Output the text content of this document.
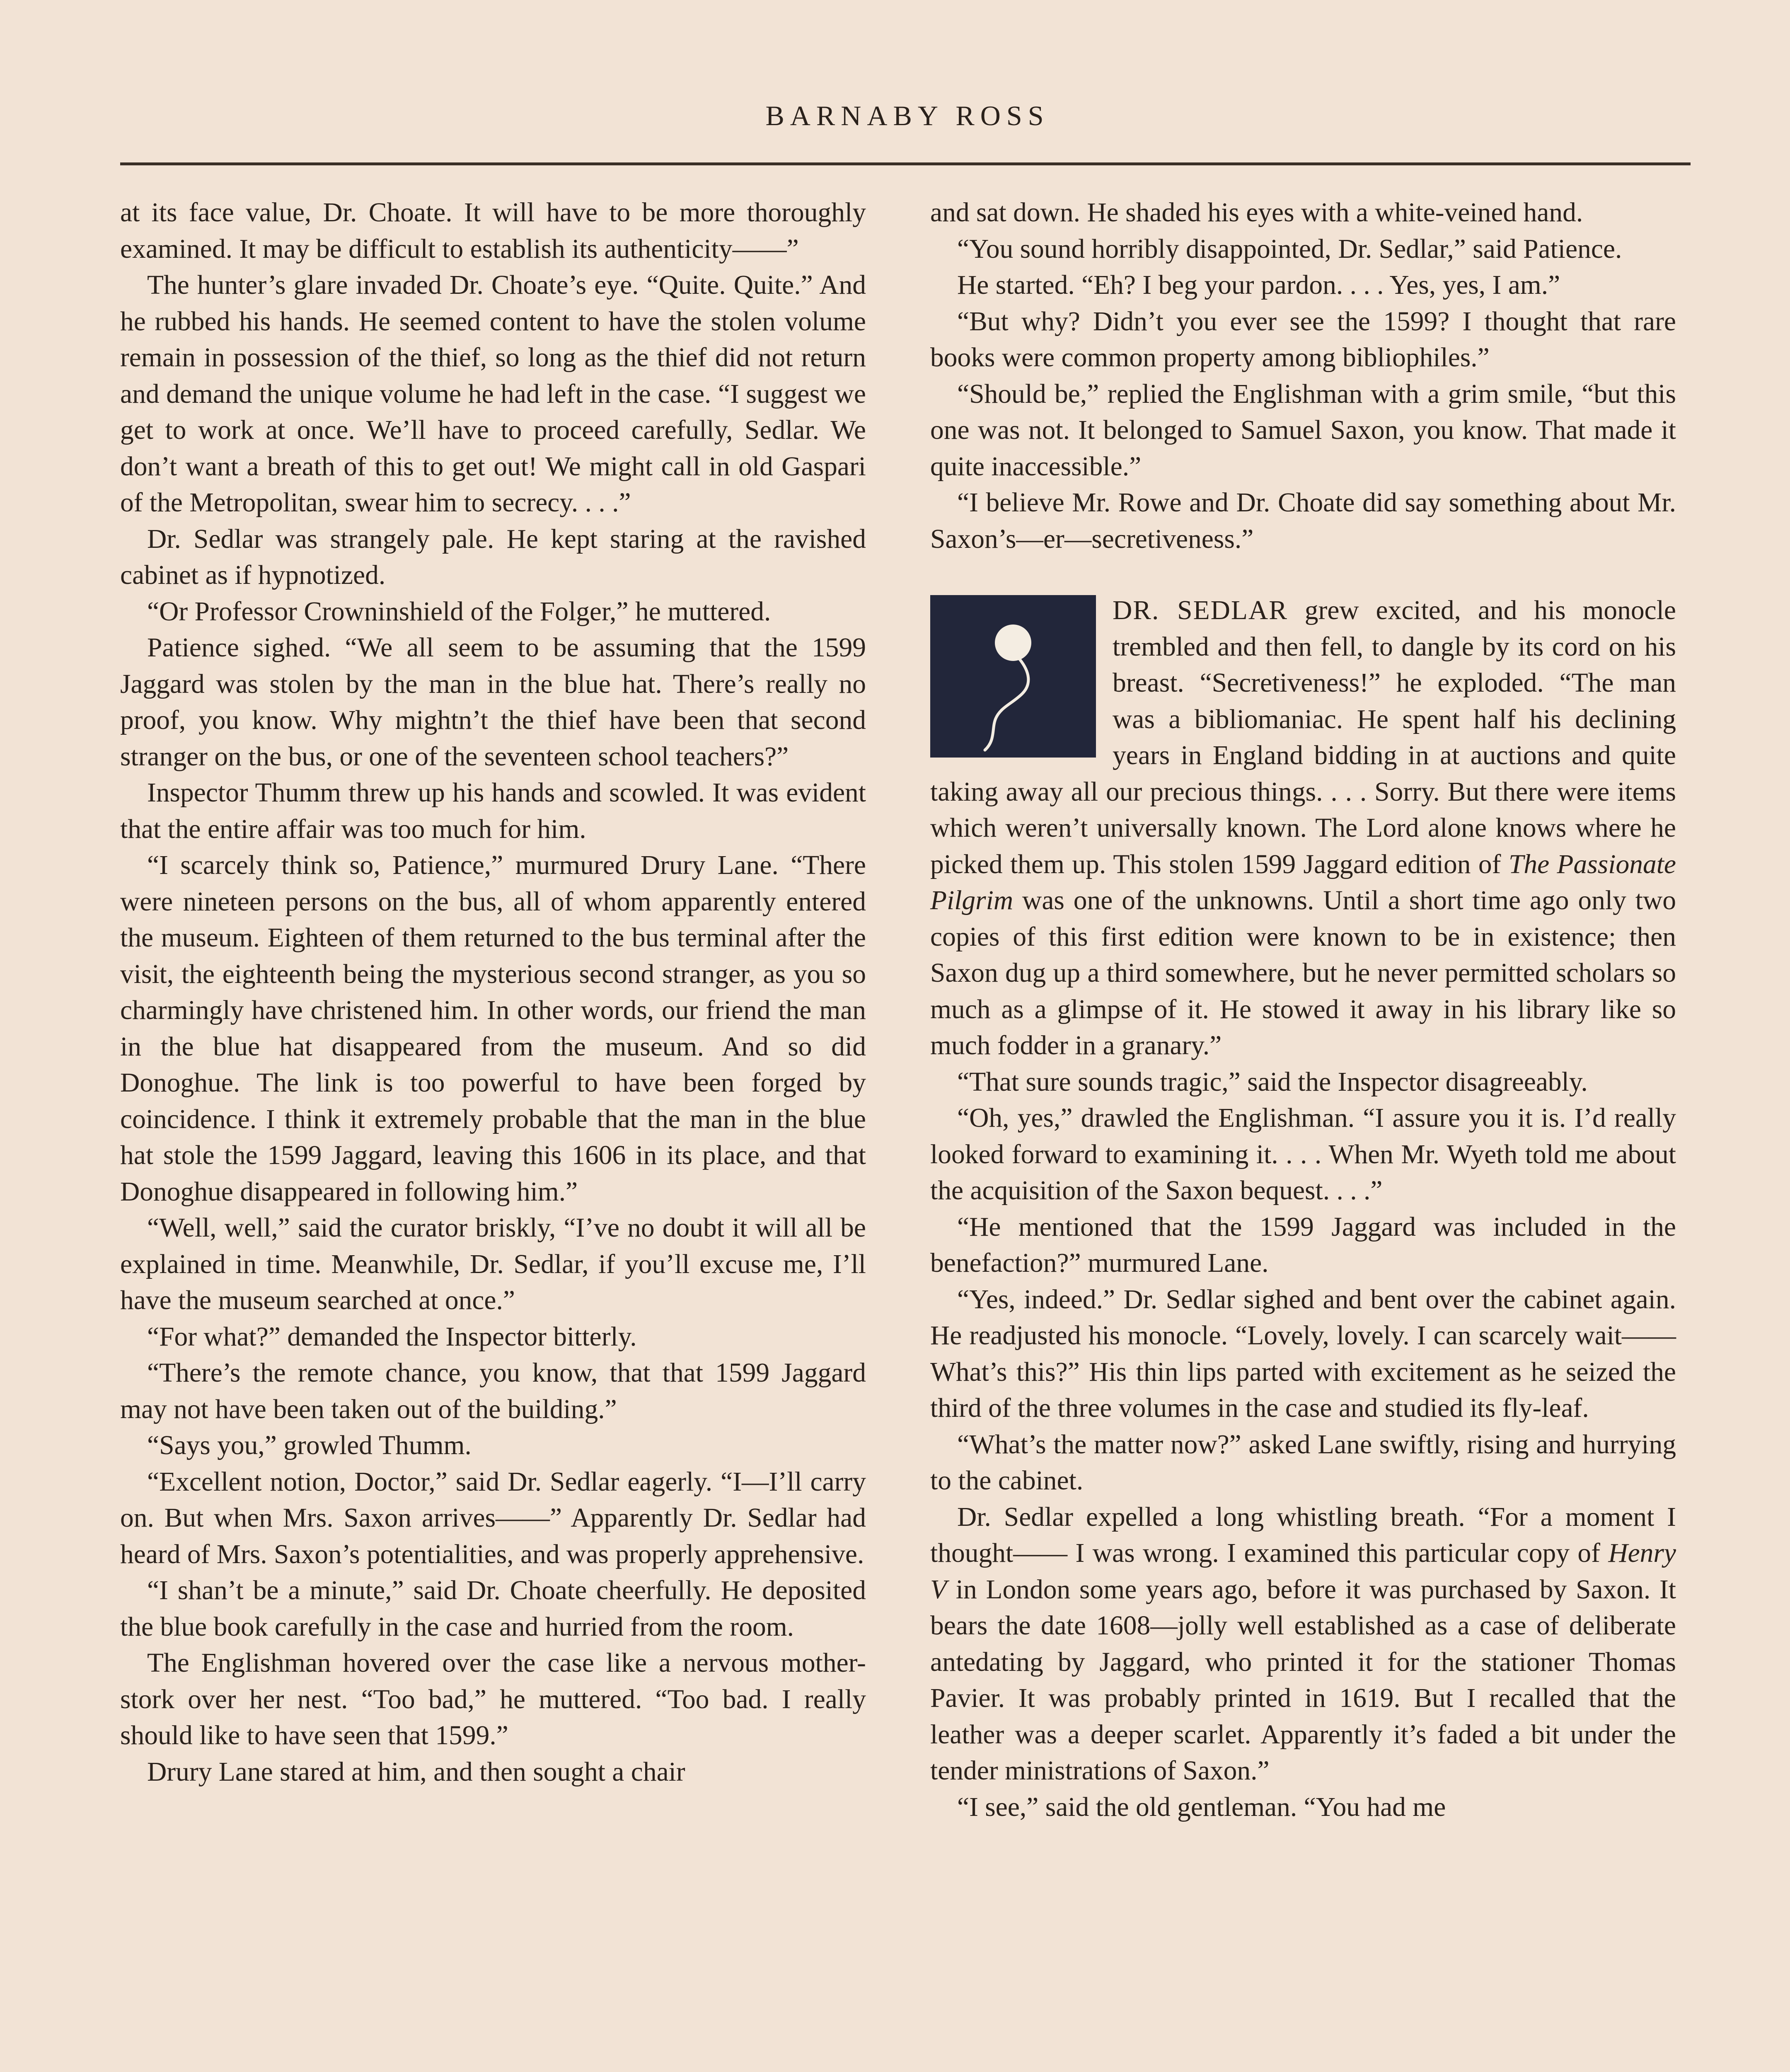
BARNABY ROSS

at its face value, Dr. Choate. It will have to be more thoroughly examined. It may be difficult to establish its authenticity——”

The hunter’s glare invaded Dr. Choate’s eye. “Quite. Quite.” And he rubbed his hands. He seemed content to have the stolen volume remain in possession of the thief, so long as the thief did not return and demand the unique volume he had left in the case. “I suggest we get to work at once. We’ll have to proceed carefully, Sedlar. We don’t want a breath of this to get out! We might call in old Gaspari of the Metropolitan, swear him to secrecy. . . .”

Dr. Sedlar was strangely pale. He kept staring at the ravished cabinet as if hypnotized.

“Or Professor Crowninshield of the Folger,” he muttered.

Patience sighed. “We all seem to be assuming that the 1599 Jaggard was stolen by the man in the blue hat. There’s really no proof, you know. Why mightn’t the thief have been that second stranger on the bus, or one of the seventeen school teachers?”

Inspector Thumm threw up his hands and scowled. It was evident that the entire affair was too much for him.

“I scarcely think so, Patience,” murmured Drury Lane. “There were nineteen persons on the bus, all of whom apparently entered the museum. Eighteen of them returned to the bus terminal after the visit, the eighteenth being the mysterious second stranger, as you so charmingly have christened him. In other words, our friend the man in the blue hat disappeared from the museum. And so did Donoghue. The link is too powerful to have been forged by coincidence. I think it extremely probable that the man in the blue hat stole the 1599 Jaggard, leaving this 1606 in its place, and that Donoghue disappeared in following him.”

“Well, well,” said the curator briskly, “I’ve no doubt it will all be explained in time. Meanwhile, Dr. Sedlar, if you’ll excuse me, I’ll have the museum searched at once.”

“For what?” demanded the Inspector bitterly.

“There’s the remote chance, you know, that that 1599 Jaggard may not have been taken out of the building.”

“Says you,” growled Thumm.

“Excellent notion, Doctor,” said Dr. Sedlar eagerly. “I—I’ll carry on. But when Mrs. Saxon arrives——” Apparently Dr. Sedlar had heard of Mrs. Saxon’s potentialities, and was properly apprehensive.

“I shan’t be a minute,” said Dr. Choate cheerfully. He deposited the blue book carefully in the case and hurried from the room.

The Englishman hovered over the case like a nervous mother-stork over her nest. “Too bad,” he muttered. “Too bad. I really should like to have seen that 1599.”

Drury Lane stared at him, and then sought a chair

and sat down. He shaded his eyes with a white-veined hand.

“You sound horribly disappointed, Dr. Sedlar,” said Patience.

He started. “Eh? I beg your pardon. . . . Yes, yes, I am.”

“But why? Didn’t you ever see the 1599? I thought that rare books were common property among bibliophiles.”

“Should be,” replied the Englishman with a grim smile, “but this one was not. It belonged to Samuel Saxon, you know. That made it quite inaccessible.”

“I believe Mr. Rowe and Dr. Choate did say something about Mr. Saxon’s—er—secretiveness.”

DR. SEDLAR grew excited, and his monocle trembled and then fell, to dangle by its cord on his breast. “Secretiveness!” he exploded. “The man was a bibliomaniac. He spent half his declining years in England bidding in at auctions and quite taking away all our precious things. . . . Sorry. But there were items which weren’t universally known. The Lord alone knows where he picked them up. This stolen 1599 Jaggard edition of The Passionate Pilgrim was one of the unknowns. Until a short time ago only two copies of this first edition were known to be in existence; then Saxon dug up a third somewhere, but he never permitted scholars so much as a glimpse of it. He stowed it away in his library like so much fodder in a granary.”

“That sure sounds tragic,” said the Inspector disagreeably.

“Oh, yes,” drawled the Englishman. “I assure you it is. I’d really looked forward to examining it. . . . When Mr. Wyeth told me about the acquisition of the Saxon bequest. . . .”

“He mentioned that the 1599 Jaggard was included in the benefaction?” murmured Lane.

“Yes, indeed.” Dr. Sedlar sighed and bent over the cabinet again. He readjusted his monocle. “Lovely, lovely. I can scarcely wait—— What’s this?” His thin lips parted with excitement as he seized the third of the three volumes in the case and studied its fly-leaf.

“What’s the matter now?” asked Lane swiftly, rising and hurrying to the cabinet.

Dr. Sedlar expelled a long whistling breath. “For a moment I thought—— I was wrong. I examined this particular copy of Henry V in London some years ago, before it was purchased by Saxon. It bears the date 1608—jolly well established as a case of deliberate antedating by Jaggard, who printed it for the stationer Thomas Pavier. It was probably printed in 1619. But I recalled that the leather was a deeper scarlet. Apparently it’s faded a bit under the tender ministrations of Saxon.”

“I see,” said the old gentleman. “You had me
